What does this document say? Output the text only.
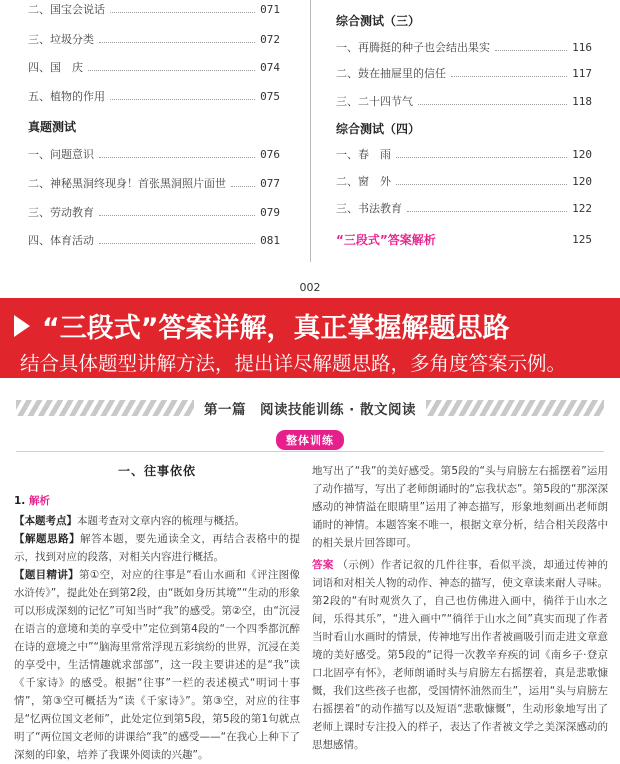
二、国宝会说话	071
三、垃圾分类	072
四、国　庆	074
五、植物的作用	075
真题测试
一、问题意识	076
二、神秘黑洞终现身！首张黑洞照片面世	077
三、劳动教育	079
四、体育活动	081
综合测试（三）
一、再腾挺的种子也会结出果实	116
二、鼓在抽屉里的信任	117
三、二十四节气	118
综合测试（四）
一、春　雨	120
二、窗　外	120
三、书法教育	122
“三段式”答案解析	125
002
“三段式”答案详解，真正掌握解题思路
结合具体题型讲解方法，提出详尽解题思路，多角度答案示例。
第一篇　阅读技能训练 · 散文阅读
整体训练
一、往事依依
1. 解析

【本题考点】本题考查对文章内容的梳理与概括。

【解题思路】解答本题，要先通读全文，再结合表格中的提示，找到对应的段落，对相关内容进行概括。

【题目精讲】第①空，对应的往事是“看山水画和《评注图像水浒传》”，提此处在到第2段，由“既如身历其境”“生动的形象可以形成深刻的记忆”可知当时“我”的感受。第②空，由“沉浸在语言的意境和美的享受中”定位到第4段的“一个四季都沉醉在诗的意境之中”“脑海里常常浮现五彩缤纷的世界，沉浸在美的享受中，生活情趣就求部部”，这一段主要讲述的是“我”读《千家诗》的感受。根据“往事”一栏的表述模式“明词十事情”，第③空可概括为“读《千家诗》”。第③空，对应的往事是“忆两位国文老师”，此处定位到第5段，第5段的第1句就点明了“两位国文老师的讲课给“我”的感受——“在我心上种下了深刻的印象，培养了我课外阅读的兴趣”。

地写出了“我”的美好感受。第5段的“头与肩膀左右摇摆着”运用了动作描写，写出了老师朗诵时的“忘我状态”。第5段的“那深深感动的神情溢在眼睛里”运用了神态描写，形象地刻画出老师朗诵时的神情。本题答案不唯一，根据文章分析，结合相关段落中的相关景片回答即可。

答案 （示例）作者记叙的几件往事，看似平淡，却通过传神的词语和对相关人物的动作、神态的描写，使文章读来耐人寻味。第2段的“有时观赏久了，自己也仿佛进入画中，徜徉于山水之间，乐得其乐”，“进入画中”“徜徉于山水之间”真实而现了作者当时看山水画时的情景，传神地写出作者被画吸引而走进文章意境的美好感受。第5段的“记得一次教辛弃疾的词《南乡子·登京口北固亭有怀》，老师朗诵时头与肩膀左右摇摆着，真是悲歌慷慨，我们这些孩子也都，受国情怀油然而生”，运用“头与肩膀左右摇摆着”的动作描写以及短语“悲歌慷慨”，生动形象地写出了老师上课时专注投入的样子，表达了作者被文学之美深深感动的思想感情。
